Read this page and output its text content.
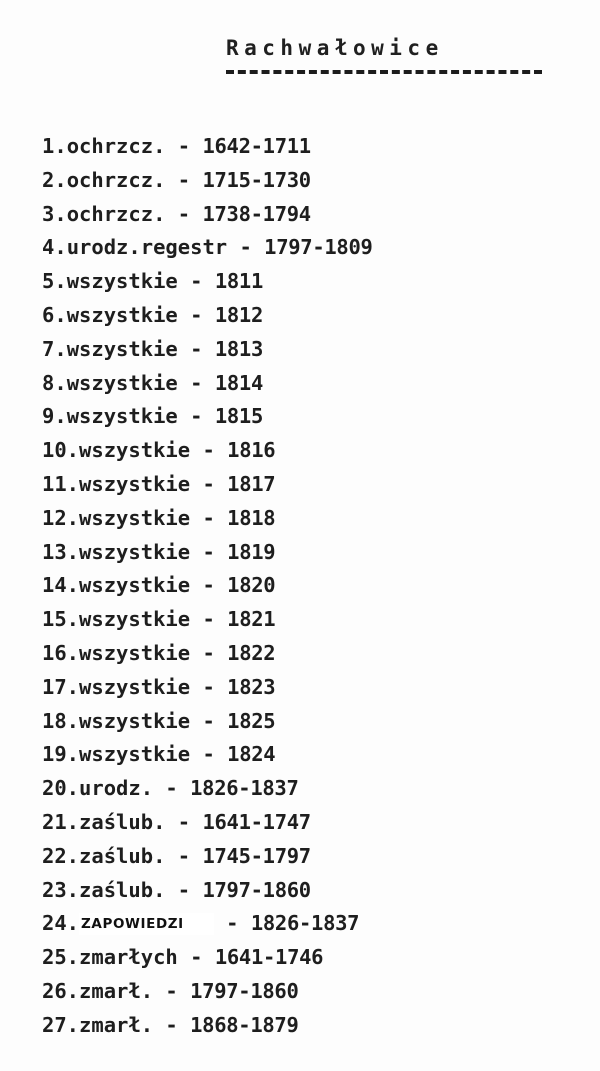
Rachwałowice
1.ochrzcz. - 1642-1711
2.ochrzcz. - 1715-1730
3.ochrzcz. - 1738-1794
4.urodz.regestr - 1797-1809
5.wszystkie - 1811
6.wszystkie - 1812
7.wszystkie - 1813
8.wszystkie - 1814
9.wszystkie - 1815
10.wszystkie - 1816
11.wszystkie - 1817
12.wszystkie - 1818
13.wszystkie - 1819
14.wszystkie - 1820
15.wszystkie - 1821
16.wszystkie - 1822
17.wszystkie - 1823
18.wszystkie - 1825
19.wszystkie - 1824
20.urodz. - 1826-1837
21.zaślub. - 1641-1747
22.zaślub. - 1745-1797
23.zaślub. - 1797-1860
24. ZAPOWIEDZI - 1826-1837
25.zmarłych - 1641-1746
26.zmarł. - 1797-1860
27.zmarł. - 1868-1879
